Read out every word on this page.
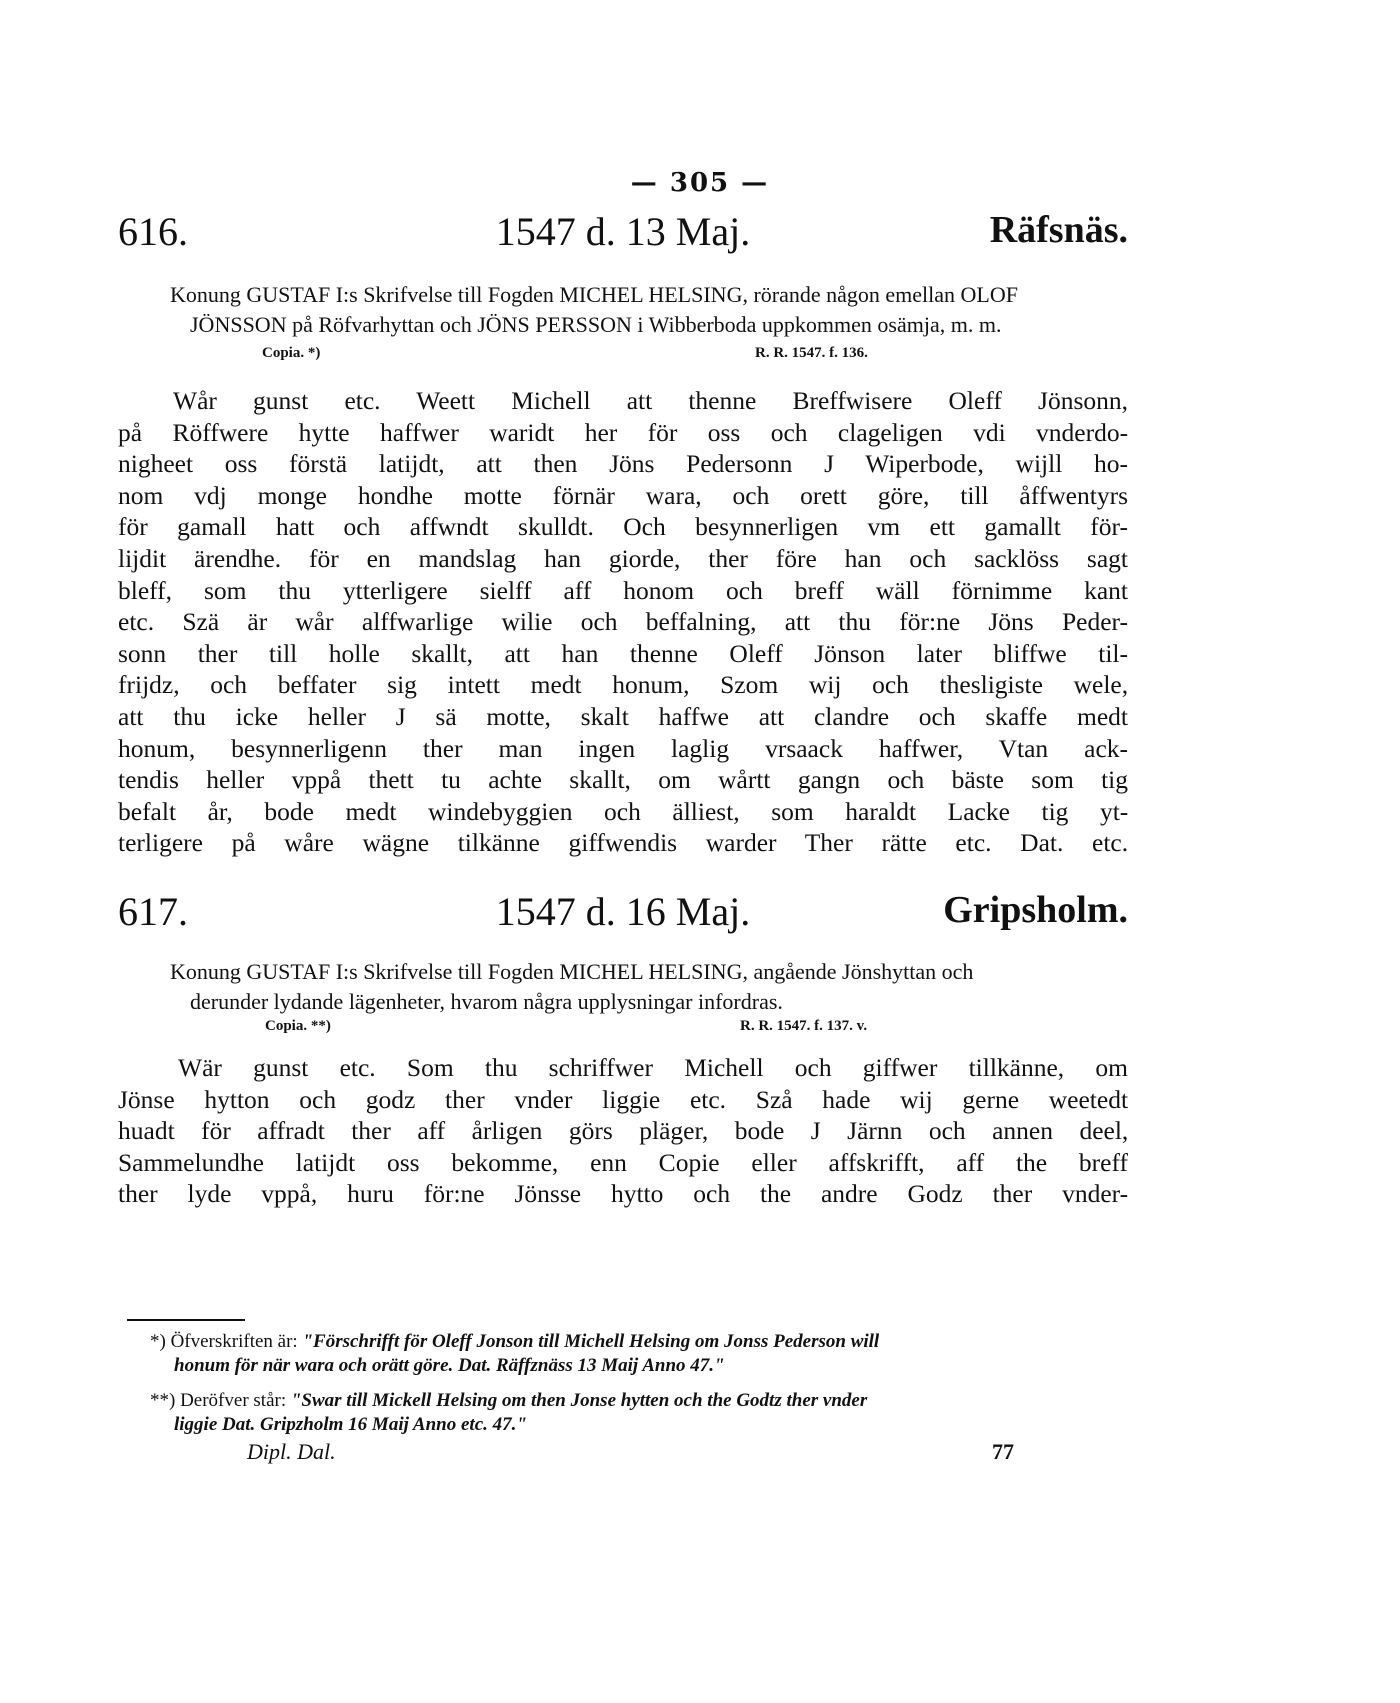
— 305 —
616.	1547 d. 13 Maj.	Räfsnäs.
Konung GUSTAF I:s Skrifvelse till Fogden MICHEL HELSING, rörande någon emellan OLOF
JÖNSSON på Röfvarhyttan och JÖNS PERSSON i Wibberboda uppkommen osämja, m. m.
Copia. *)	R. R. 1547. f. 136.
Wår gunst etc. Weett Michell att thenne Breffwisere Oleff Jönsonn,
på Röffwere hytte haffwer waridt her för oss och clageligen vdi vnderdo-
nigheet oss förstä latijdt, att then Jöns Pedersonn J Wiperbode, wijll ho-
nom vdj monge hondhe motte förnär wara, och orett göre, till åffwentyrs
för gamall hatt och affwndt skulldt. Och besynnerligen vm ett gamallt för-
lijdit ärendhe. för en mandslag han giorde, ther före han och sacklöss sagt
bleff, som thu ytterligere sielff aff honom och breff wäll förnimme kant
etc. Szä är wår alffwarlige wilie och beffalning, att thu för:ne Jöns Peder-
sonn ther till holle skallt, att han thenne Oleff Jönson later bliffwe til-
frijdz, och beffater sig intett medt honum, Szom wij och thesligiste wele,
att thu icke heller J sä motte, skalt haffwe att clandre och skaffe medt
honum, besynnerligenn ther man ingen laglig vrsaack haffwer, Vtan ack-
tendis heller vppå thett tu achte skallt, om wårtt gangn och bäste som tig
befalt år, bode medt windebyggien och älliest, som haraldt Lacke tig yt-
terligere på wåre wägne tilkänne giffwendis warder Ther rätte etc. Dat. etc.
617.	1547 d. 16 Maj.	Gripsholm.
Konung GUSTAF I:s Skrifvelse till Fogden MICHEL HELSING, angående Jönshyttan och
derunder lydande lägenheter, hvarom några upplysningar infordras.
Copia. **)	R. R. 1547. f. 137. v.
Wär gunst etc. Som thu schriffwer Michell och giffwer tillkänne, om
Jönse hytton och godz ther vnder liggie etc. Szå hade wij gerne weetedt
huadt för affradt ther aff årligen görs pläger, bode J Järnn och annen deel,
Sammelundhe latijdt oss bekomme, enn Copie eller affskrifft, aff the breff
ther lyde vppå, huru för:ne Jönsse hytto och the andre Godz ther vnder-
*) Öfverskriften är: "Förschrifft för Oleff Jonson till Michell Helsing om Jonss Pederson will
honum för när wara och orätt göre. Dat. Räffznäss 13 Maij Anno 47."
**) Deröfver står: "Swar till Mickell Helsing om then Jonse hytten och the Godtz ther vnder
liggie Dat. Gripzholm 16 Maij Anno etc. 47."
Dipl. Dal.	77
